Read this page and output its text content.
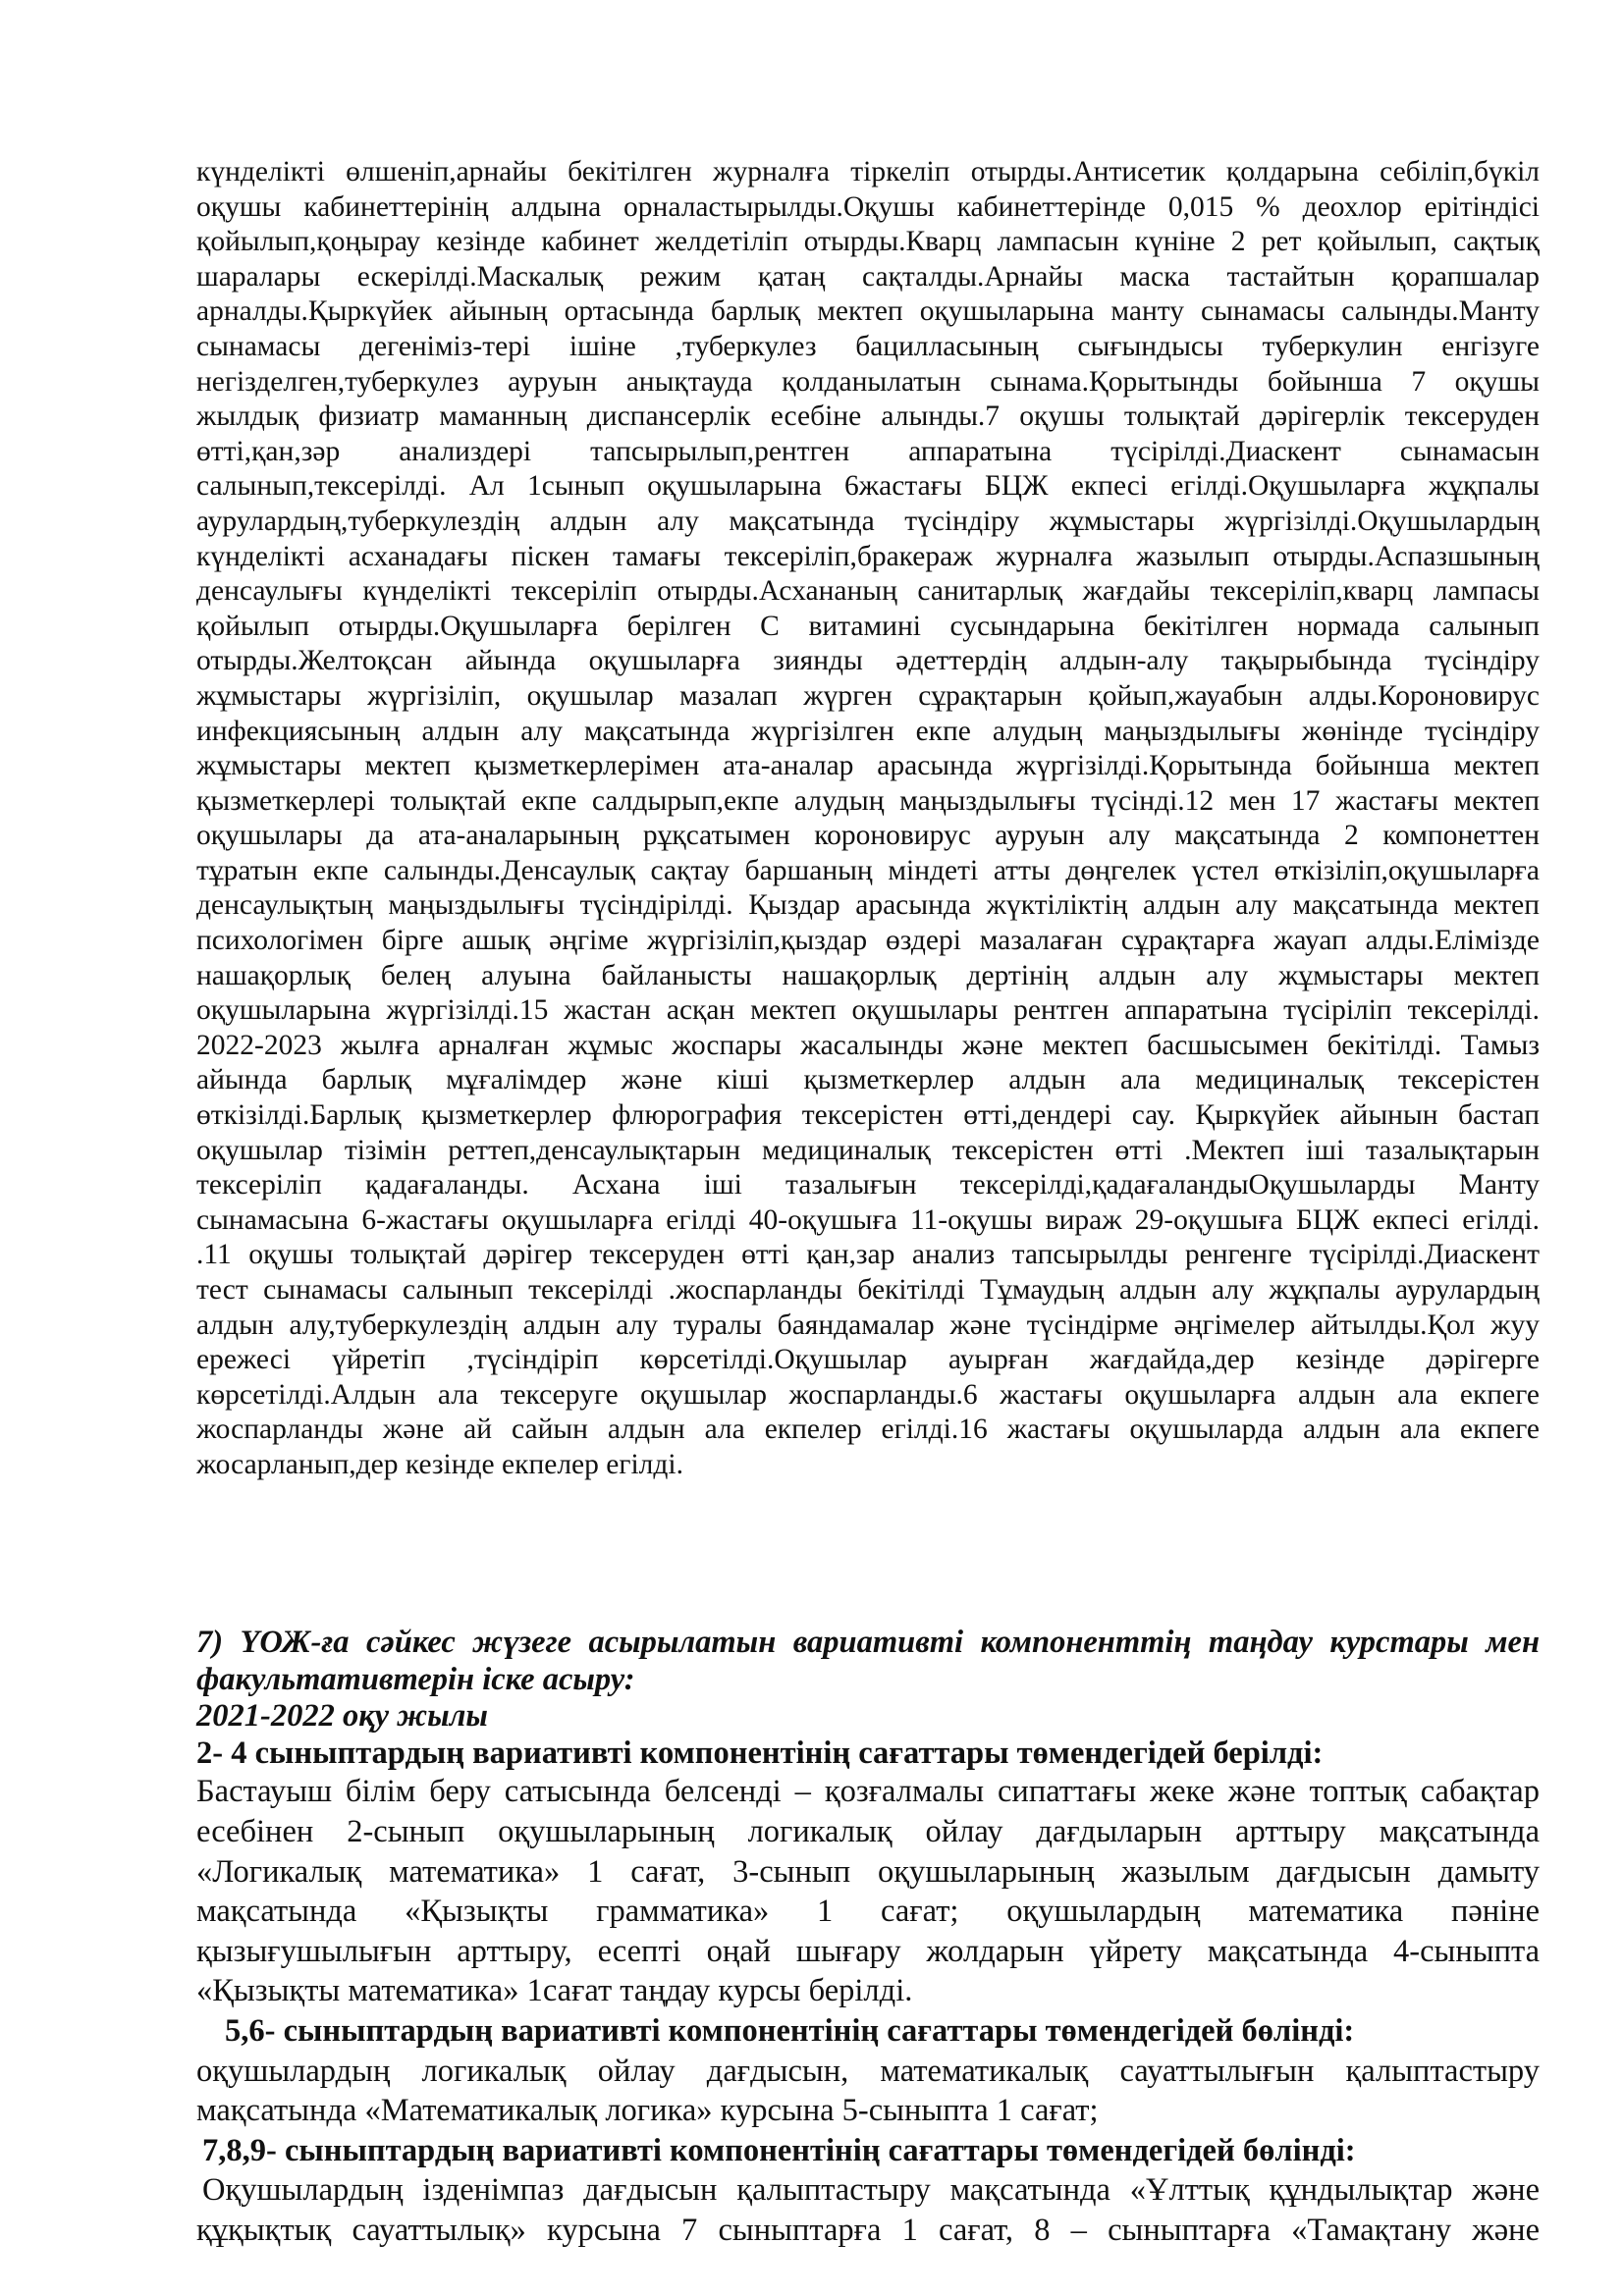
күнделікті өлшеніп,арнайы бекітілген журналға тіркеліп отырды.Антисетик қолдарына себіліп,бүкіл
оқушы кабинеттерінің алдына орналастырылды.Оқушы кабинеттерінде 0,015 % деохлор ерітіндісі
қойылып,қоңырау кезінде кабинет желдетіліп отырды.Кварц лампасын күніне 2 рет қойылып, сақтық
шаралары ескерілді.Маскалық режим қатаң сақталды.Арнайы маска тастайтын қорапшалар
арналды.Қыркүйек айының ортасында барлық мектеп оқушыларына манту сынамасы салынды.Манту
сынамасы дегеніміз-тері ішіне ,туберкулез бацилласының сығындысы туберкулин енгізуге
негізделген,туберкулез ауруын анықтауда қолданылатын сынама.Қорытынды бойынша 7 оқушы
жылдық физиатр маманның диспансерлік есебіне алынды.7 оқушы толықтай дәрігерлік тексеруден
өтті,қан,зәр анализдері тапсырылып,рентген аппаратына түсірілді.Диаскент сынамасын
салынып,тексерілді. Ал 1сынып оқушыларына 6жастағы БЦЖ екпесі егілді.Оқушыларға жұқпалы
аурулардың,туберкулездің алдын алу мақсатында түсіндіру жұмыстары жүргізілді.Оқушылардың
күнделікті асханадағы піскен тамағы тексеріліп,бракераж журналға жазылып отырды.Аспазшының
денсаулығы күнделікті тексеріліп отырды.Асхананың санитарлық жағдайы тексеріліп,кварц лампасы
қойылып отырды.Оқушыларға берілген С витамині сусындарына бекітілген нормада салынып
отырды.Желтоқсан айында оқушыларға зиянды әдеттердің алдын-алу тақырыбында түсіндіру
жұмыстары жүргізіліп, оқушылар мазалап жүрген сұрақтарын қойып,жауабын алды.Короновирус
инфекциясының алдын алу мақсатында жүргізілген екпе алудың маңыздылығы жөнінде түсіндіру
жұмыстары мектеп қызметкерлерімен ата-аналар арасында жүргізілді.Қорытында бойынша мектеп
қызметкерлері толықтай екпе салдырып,екпе алудың маңыздылығы түсінді.12 мен 17 жастағы мектеп
оқушылары да ата-аналарының рұқсатымен короновирус ауруын алу мақсатында 2 компонеттен
тұратын екпе салынды.Денсаулық сақтау баршаның міндеті атты дөңгелек үстел өткізіліп,оқушыларға
денсаулықтың маңыздылығы түсіндірілді. Қыздар арасында жүктіліктің алдын алу мақсатында мектеп
психологімен бірге ашық әңгіме жүргізіліп,қыздар өздері мазалаған сұрақтарға жауап алды.Елімізде
нашақорлық белең алуына байланысты нашақорлық дертінің алдын алу жұмыстары мектеп
оқушыларына жүргізілді.15 жастан асқан мектеп оқушылары рентген аппаратына түсіріліп тексерілді.
2022-2023 жылға арналған жұмыс жоспары жасалынды және мектеп басшысымен бекітілді. Тамыз
айында барлық мұғалімдер және кіші қызметкерлер алдын ала медициналық тексерістен
өткізілді.Барлық қызметкерлер флюрография тексерістен өтті,дендері сау. Қыркүйек айынын бастап
оқушылар тізімін реттеп,денсаулықтарын медициналық тексерістен өтті .Мектеп іші тазалықтарын
тексеріліп қадағаланды. Асхана іші тазалығын тексерілді,қадағаландыОқушыларды Манту
сынамасына 6-жастағы оқушыларға егілді 40-оқушыға 11-оқушы вираж 29-оқушыға БЦЖ екпесі егілді.
.11 оқушы толықтай дәрігер тексеруден өтті қан,зар анализ тапсырылды ренгенге түсірілді.Диаскент
тест сынамасы салынып тексерілді .жоспарланды бекітілді Тұмаудың алдын алу жұқпалы аурулардың
алдын алу,туберкулездің алдын алу туралы баяндамалар және түсіндірме әңгімелер айтылды.Қол жуу
ережесі үйретіп ,түсіндіріп көрсетілді.Оқушылар ауырған жағдайда,дер кезінде дәрігерге
көрсетілді.Алдын ала тексеруге оқушылар жоспарланды.6 жастағы оқушыларға алдын ала екпеге
жоспарланды және ай сайын алдын ала екпелер егілді.16 жастағы оқушыларда алдын ала екпеге
жосарланып,дер кезінде екпелер егілді.
7) ҮОЖ-ға сәйкес жүзеге асырылатын вариативті компоненттің таңдау курстары мен
факультативтерін іске асыру:
2021-2022 оқу жылы
2- 4 сыныптардың вариативті компонентінің сағаттары төмендегідей берілді:
Бастауыш білім беру сатысында белсенді – қозғалмалы сипаттағы жеке және топтық сабақтар
есебінен 2-сынып оқушыларының логикалық ойлау дағдыларын арттыру мақсатында
«Логикалық математика» 1 сағат, 3-сынып оқушыларының жазылым дағдысын дамыту
мақсатында «Қызықты грамматика» 1 сағат; оқушылардың математика пәніне
қызығушылығын арттыру, есепті оңай шығару жолдарын үйрету мақсатында 4-сыныпта
«Қызықты математика» 1сағат таңдау курсы берілді.
5,6- сыныптардың вариативті компонентінің сағаттары төмендегідей бөлінді:
оқушылардың логикалық ойлау дағдысын, математикалық сауаттылығын қалыптастыру
мақсатында «Математикалық логика» курсына 5-сыныпта 1 сағат;
7,8,9- сыныптардың вариативті компонентінің сағаттары төмендегідей бөлінді:
Оқушылардың ізденімпаз дағдысын қалыптастыру мақсатында «Ұлттық құндылықтар және
құқықтық сауаттылық» курсына 7 сыныптарға 1 сағат, 8 – сыныптарға «Тамақтану және
